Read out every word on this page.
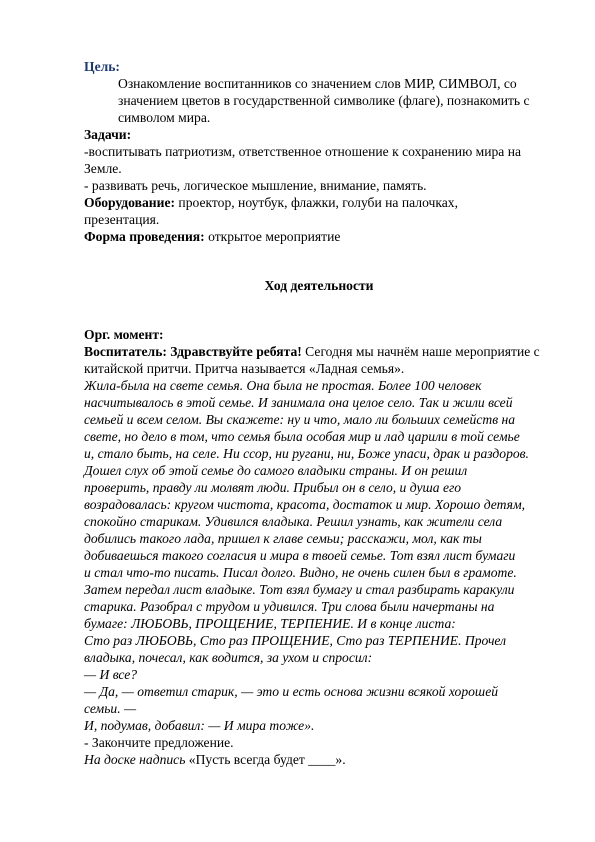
Цель:

Ознакомление воспитанников со значением слов МИР, СИМВОЛ, со

значением цветов в государственной символике (флаге), познакомить с

символом мира.

Задачи:

-воспитывать патриотизм, ответственное отношение к сохранению мира на

Земле.

- развивать речь, логическое мышление, внимание, память.

Оборудование: проектор, ноутбук, флажки, голуби на палочках,

презентация.

Форма проведения: открытое мероприятие

Ход деятельности

Орг. момент:

Воспитатель: Здравствуйте ребята! Сегодня мы начнём наше мероприятие с

китайской притчи. Притча называется «Ладная семья».

Жила-была на свете семья. Она была не простая. Более 100 человек

насчитывалось в этой семье. И занимала она целое село. Так и жили всей

семьей и всем селом. Вы скажете: ну и что, мало ли больших семейств на

свете, но дело в том, что семья была особая мир и лад царили в той семье

и, стало быть, на селе. Ни ссор, ни ругани, ни, Боже упаси, драк и раздоров.

Дошел слух об этой семье до самого владыки страны. И он решил

проверить, правду ли молвят люди. Прибыл он в село, и душа его

возрадовалась: кругом чистота, красота, достаток и мир. Хорошо детям,

спокойно старикам. Удивился владыка. Решил узнать, как жители села

добились такого лада, пришел к главе семьи; расскажи, мол, как ты

добиваешься такого согласия и мира в твоей семье. Тот взял лист бумаги

и стал что-то писать. Писал долго. Видно, не очень силен был в грамоте.

Затем передал лист владыке. Тот взял бумагу и стал разбирать каракули

старика. Разобрал с трудом и удивился. Три слова были начертаны на

бумаге: ЛЮБОВЬ, ПРОЩЕНИЕ, ТЕРПЕНИЕ. И в конце листа:

Сто раз ЛЮБОВЬ, Сто раз ПРОЩЕНИЕ, Сто раз ТЕРПЕНИЕ. Прочел

владыка, почесал, как водится, за ухом и спросил:

— И все?

— Да, — ответил старик, — это и есть основа жизни всякой хорошей

семьи. —

И, подумав, добавил: — И мира тоже».

- Закончите предложение.

На доске надпись «Пусть всегда будет ____».
